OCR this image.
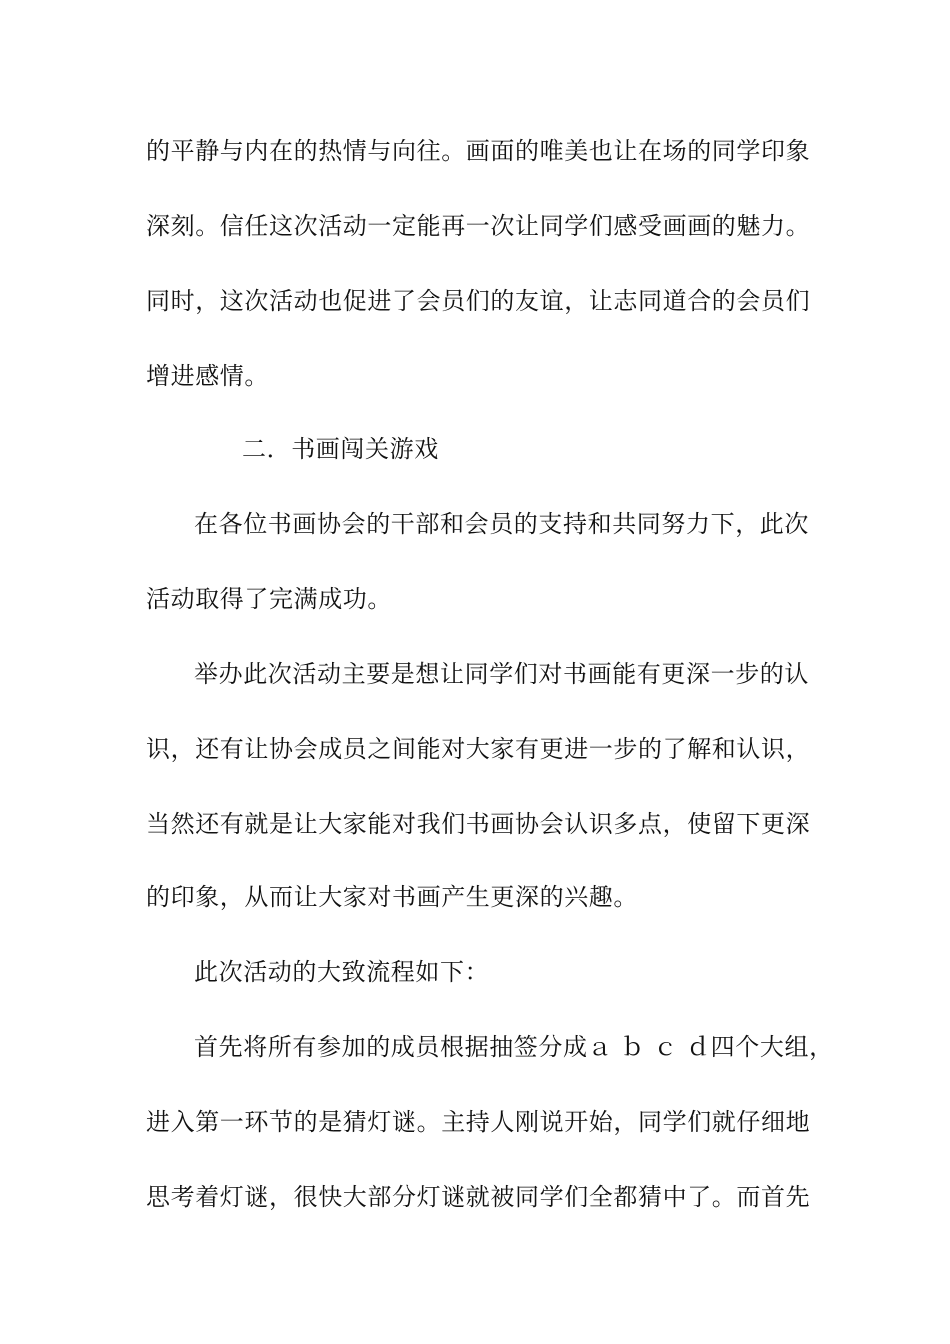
的平静与内在的热情与向往。画面的唯美也让在场的同学印象
深刻。信任这次活动一定能再一次让同学们感受画画的魅力。
同时，这次活动也促进了会员们的友谊，让志同道合的会员们
增进感情。
二．书画闯关游戏
在各位书画协会的干部和会员的支持和共同努力下，此次
活动取得了完满成功。
举办此次活动主要是想让同学们对书画能有更深一步的认
识，还有让协会成员之间能对大家有更进一步的了解和认识，
当然还有就是让大家能对我们书画协会认识多点，使留下更深
的印象，从而让大家对书画产生更深的兴趣。
此次活动的大致流程如下：
首先将所有参加的成员根据抽签分成ａ ｂ ｃ ｄ四个大组，
进入第一环节的是猜灯谜。主持人刚说开始，同学们就仔细地
思考着灯谜，很快大部分灯谜就被同学们全都猜中了。而首先
